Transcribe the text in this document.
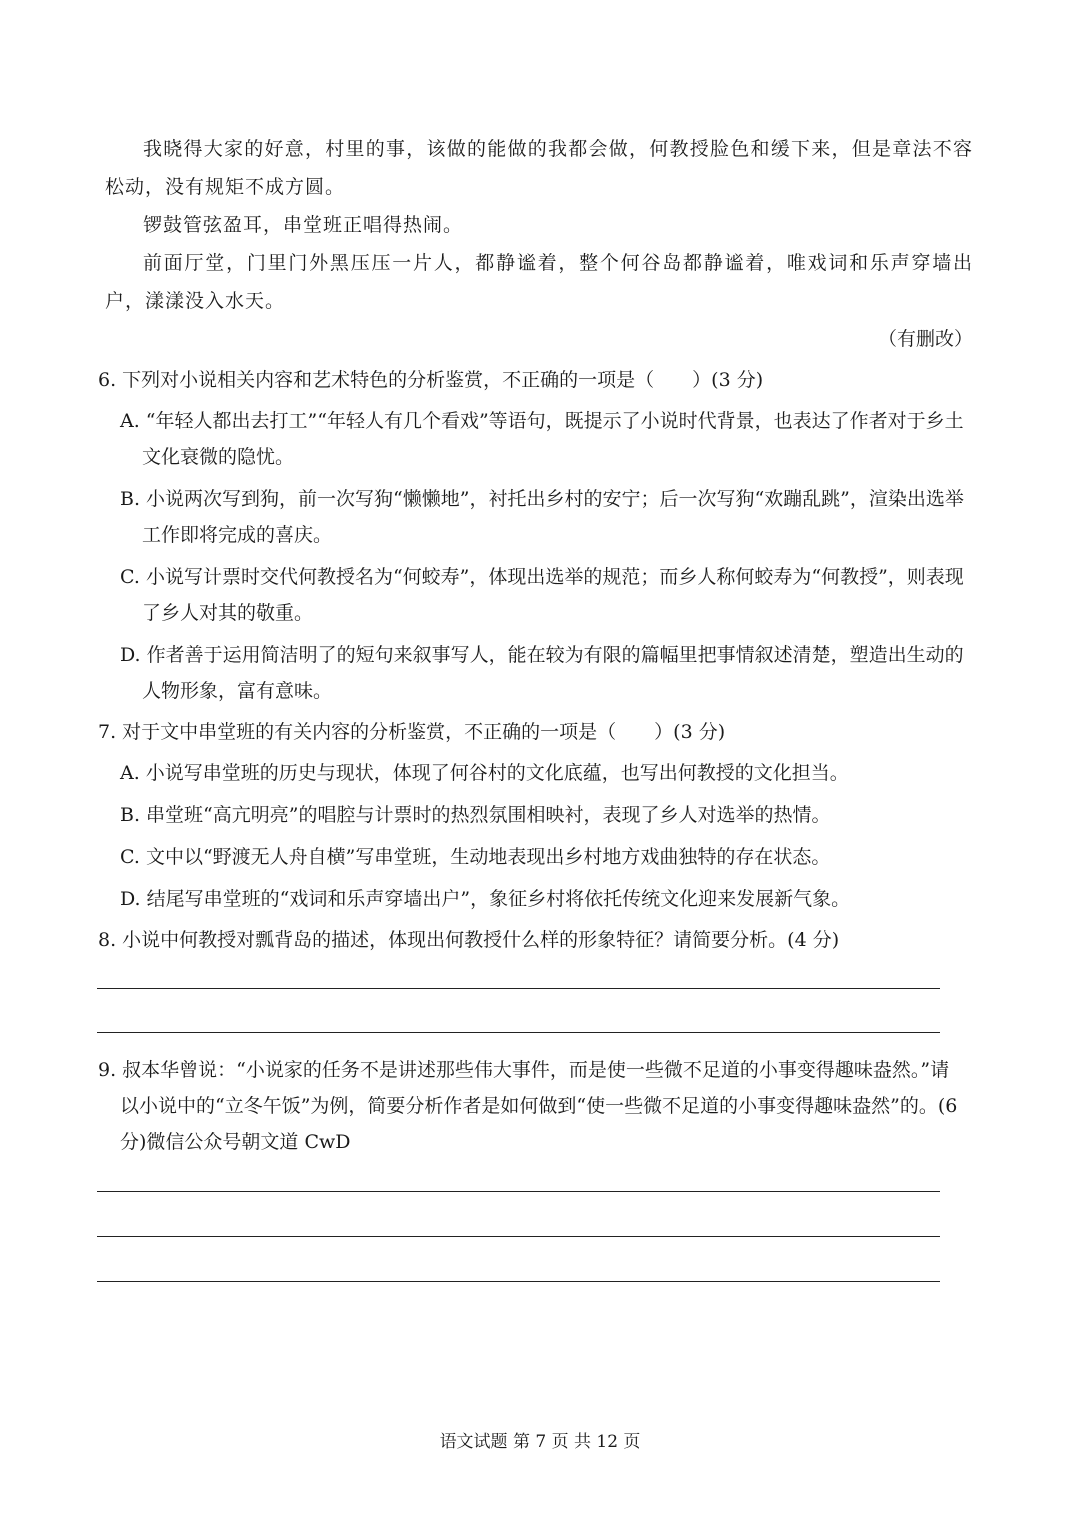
我晓得大家的好意，村里的事，该做的能做的我都会做，何教授脸色和缓下来，但是章法不容松动，没有规矩不成方圆。

锣鼓管弦盈耳，串堂班正唱得热闹。

前面厅堂，门里门外黑压压一片人，都静谧着，整个何谷岛都静谧着，唯戏词和乐声穿墙出户，漾漾没入水天。

（有删改）
6. 下列对小说相关内容和艺术特色的分析鉴赏，不正确的一项是（　　）(3 分)
A. “年轻人都出去打工”“年轻人有几个看戏”等语句，既提示了小说时代背景，也表达了作者对于乡土文化衰微的隐忧。
B. 小说两次写到狗，前一次写狗“懒懒地”，衬托出乡村的安宁；后一次写狗“欢蹦乱跳”，渲染出选举工作即将完成的喜庆。
C. 小说写计票时交代何教授名为“何蛟寿”，体现出选举的规范；而乡人称何蛟寿为“何教授”，则表现了乡人对其的敬重。
D. 作者善于运用简洁明了的短句来叙事写人，能在较为有限的篇幅里把事情叙述清楚，塑造出生动的人物形象，富有意味。
7. 对于文中串堂班的有关内容的分析鉴赏，不正确的一项是（　　）(3 分)
A. 小说写串堂班的历史与现状，体现了何谷村的文化底蕴，也写出何教授的文化担当。
B. 串堂班“高亢明亮”的唱腔与计票时的热烈氛围相映衬，表现了乡人对选举的热情。
C. 文中以“野渡无人舟自横”写串堂班，生动地表现出乡村地方戏曲独特的存在状态。
D. 结尾写串堂班的“戏词和乐声穿墙出户”，象征乡村将依托传统文化迎来发展新气象。
8. 小说中何教授对瓢背岛的描述，体现出何教授什么样的形象特征？请简要分析。(4 分)
9. 叔本华曾说：“小说家的任务不是讲述那些伟大事件，而是使一些微不足道的小事变得趣味盎然。”请以小说中的“立冬午饭”为例，简要分析作者是如何做到“使一些微不足道的小事变得趣味盎然”的。(6 分)微信公众号朝文道 CwD
语文试题 第 7 页 共 12 页
